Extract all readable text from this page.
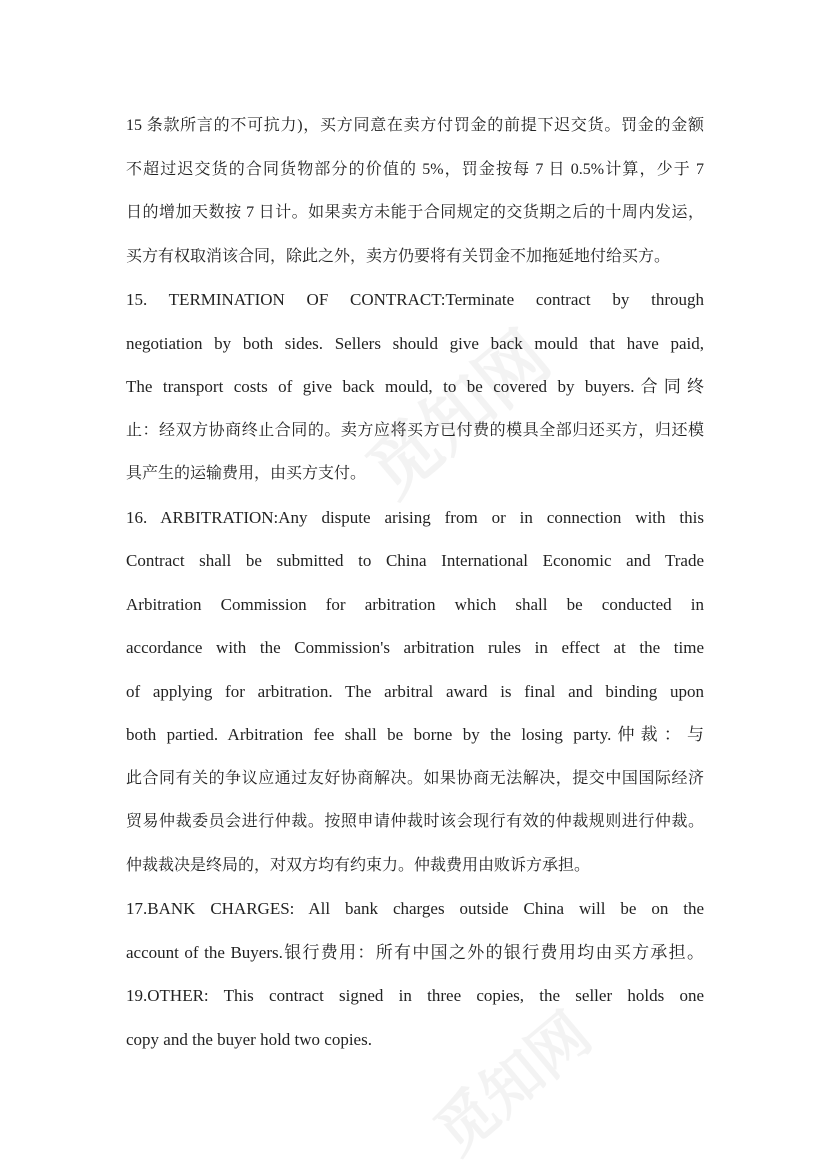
15 条款所言的不可抗力)，买方同意在卖方付罚金的前提下迟交货。罚金的金额
不超过迟交货的合同货物部分的价值的 5%，罚金按每 7 日 0.5%计算，少于 7
日的增加天数按 7 日计。如果卖方未能于合同规定的交货期之后的十周内发运，
买方有权取消该合同，除此之外，卖方仍要将有关罚金不加拖延地付给买方。
15. TERMINATION OF CONTRACT:Terminate contract by through
negotiation by both sides. Sellers should give back mould that have paid,
The transport costs of give back mould, to be covered by buyers.合同终
止：经双方协商终止合同的。卖方应将买方已付费的模具全部归还买方，归还模
具产生的运输费用，由买方支付。
16. ARBITRATION:Any dispute arising from or in connection with this
Contract shall be submitted to China International Economic and Trade
Arbitration Commission for arbitration which shall be conducted in
accordance with the Commission's arbitration rules in effect at the time
of applying for arbitration. The arbitral award is final and binding upon
both partied. Arbitration fee shall be borne by the losing party.仲裁：与
此合同有关的争议应通过友好协商解决。如果协商无法解决，提交中国国际经济
贸易仲裁委员会进行仲裁。按照申请仲裁时该会现行有效的仲裁规则进行仲裁。
仲裁裁决是终局的，对双方均有约束力。仲裁费用由败诉方承担。
17.BANK CHARGES: All bank charges outside China will be on the
account of the Buyers.银行费用：所有中国之外的银行费用均由买方承担。
19.OTHER: This contract signed in three copies, the seller holds one
copy and the buyer hold two copies.
